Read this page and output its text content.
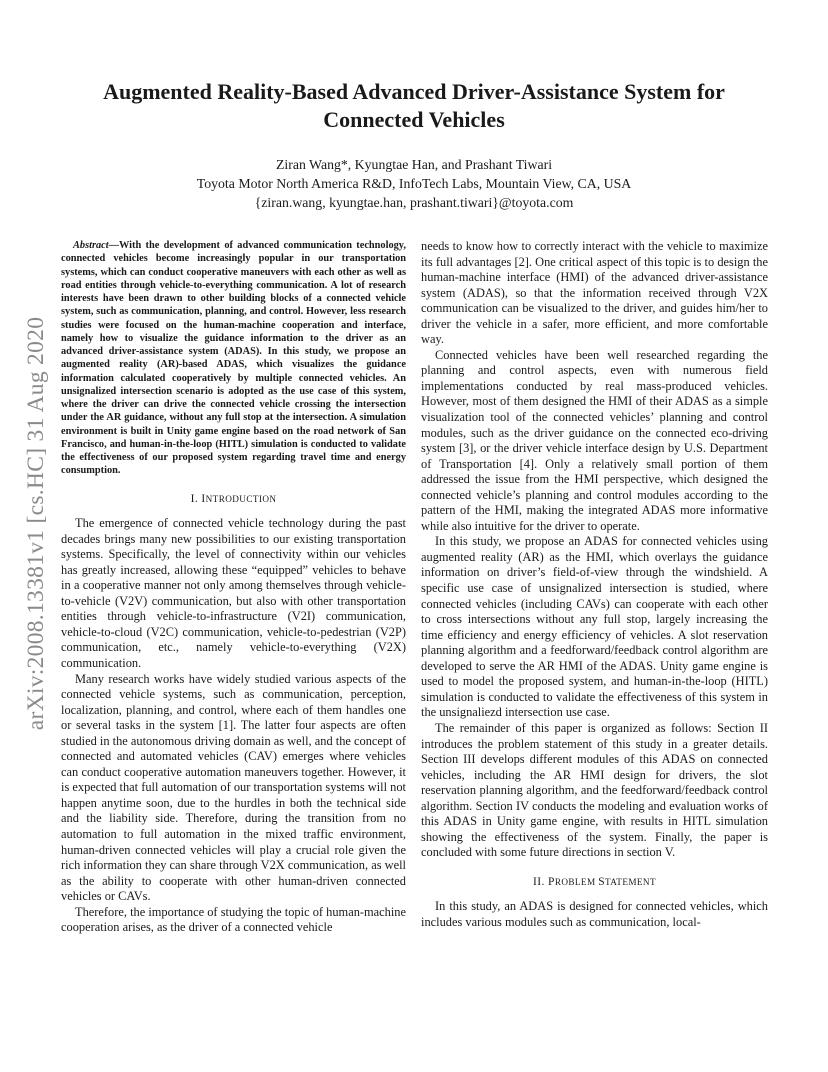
arXiv:2008.13381v1 [cs.HC] 31 Aug 2020
Augmented Reality-Based Advanced Driver-Assistance System for Connected Vehicles
Ziran Wang*, Kyungtae Han, and Prashant Tiwari
Toyota Motor North America R&D, InfoTech Labs, Mountain View, CA, USA
{ziran.wang, kyungtae.han, prashant.tiwari}@toyota.com

Abstract—With the development of advanced communication technology, connected vehicles become increasingly popular in our transportation systems, which can conduct cooperative maneuvers with each other as well as road entities through vehicle-to-everything communication. A lot of research interests have been drawn to other building blocks of a connected vehicle system, such as communication, planning, and control. However, less research studies were focused on the human-machine cooperation and interface, namely how to visualize the guidance information to the driver as an advanced driver-assistance system (ADAS). In this study, we propose an augmented reality (AR)-based ADAS, which visualizes the guidance information calculated cooperatively by multiple connected vehicles. An unsignalized intersection scenario is adopted as the use case of this system, where the driver can drive the connected vehicle crossing the intersection under the AR guidance, without any full stop at the intersection. A simulation environment is built in Unity game engine based on the road network of San Francisco, and human-in-the-loop (HITL) simulation is conducted to validate the effectiveness of our proposed system regarding travel time and energy consumption.

I. INTRODUCTION

The emergence of connected vehicle technology during the past decades brings many new possibilities to our existing transportation systems. Specifically, the level of connectivity within our vehicles has greatly increased, allowing these “equipped” vehicles to behave in a cooperative manner not only among themselves through vehicle-to-vehicle (V2V) communication, but also with other transportation entities through vehicle-to-infrastructure (V2I) communication, vehicle-to-cloud (V2C) communication, vehicle-to-pedestrian (V2P) communication, etc., namely vehicle-to-everything (V2X) communication.

Many research works have widely studied various aspects of the connected vehicle systems, such as communication, perception, localization, planning, and control, where each of them handles one or several tasks in the system [1]. The latter four aspects are often studied in the autonomous driving domain as well, and the concept of connected and automated vehicles (CAV) emerges where vehicles can conduct cooperative automation maneuvers together. However, it is expected that full automation of our transportation systems will not happen anytime soon, due to the hurdles in both the technical side and the liability side. Therefore, during the transition from no automation to full automation in the mixed traffic environment, human-driven connected vehicles will play a crucial role given the rich information they can share through V2X communication, as well as the ability to cooperate with other human-driven connected vehicles or CAVs.

Therefore, the importance of studying the topic of human-machine cooperation arises, as the driver of a connected vehicle

needs to know how to correctly interact with the vehicle to maximize its full advantages [2]. One critical aspect of this topic is to design the human-machine interface (HMI) of the advanced driver-assistance system (ADAS), so that the information received through V2X communication can be visualized to the driver, and guides him/her to driver the vehicle in a safer, more efficient, and more comfortable way.

Connected vehicles have been well researched regarding the planning and control aspects, even with numerous field implementations conducted by real mass-produced vehicles. However, most of them designed the HMI of their ADAS as a simple visualization tool of the connected vehicles’ planning and control modules, such as the driver guidance on the connected eco-driving system [3], or the driver vehicle interface design by U.S. Department of Transportation [4]. Only a relatively small portion of them addressed the issue from the HMI perspective, which designed the connected vehicle’s planning and control modules according to the pattern of the HMI, making the integrated ADAS more informative while also intuitive for the driver to operate.

In this study, we propose an ADAS for connected vehicles using augmented reality (AR) as the HMI, which overlays the guidance information on driver’s field-of-view through the windshield. A specific use case of unsignalized intersection is studied, where connected vehicles (including CAVs) can cooperate with each other to cross intersections without any full stop, largely increasing the time efficiency and energy efficiency of vehicles. A slot reservation planning algorithm and a feedforward/feedback control algorithm are developed to serve the AR HMI of the ADAS. Unity game engine is used to model the proposed system, and human-in-the-loop (HITL) simulation is conducted to validate the effectiveness of this system in the unsignaliezd intersection use case.

The remainder of this paper is organized as follows: Section II introduces the problem statement of this study in a greater details. Section III develops different modules of this ADAS on connected vehicles, including the AR HMI design for drivers, the slot reservation planning algorithm, and the feedforward/feedback control algorithm. Section IV conducts the modeling and evaluation works of this ADAS in Unity game engine, with results in HITL simulation showing the effectiveness of the system. Finally, the paper is concluded with some future directions in section V.

II. PROBLEM STATEMENT

In this study, an ADAS is designed for connected vehicles, which includes various modules such as communication, local-
